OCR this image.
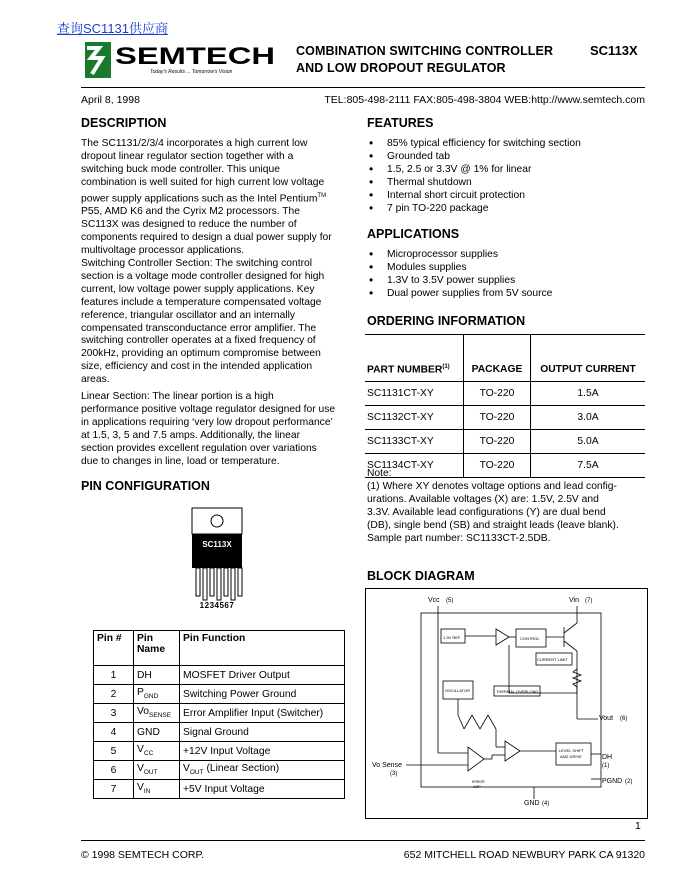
查询SC1131供应商
SEMTECH
Today's Results ... Tomorrow's Vision
COMBINATION SWITCHING CONTROLLER
AND LOW DROPOUT REGULATOR
SC113X
April 8, 1998	TEL:805-498-2111 FAX:805-498-3804 WEB:http://www.semtech.com
DESCRIPTION
The SC1131/2/3/4 incorporates a high current low
dropout linear regulator section together with a
switching buck mode controller. This unique
combination is well suited for high current low voltage
power supply applications such as the Intel Pentium™
P55, AMD K6 and the Cyrix M2 processors. The
SC113X was designed to reduce the number of
components required to design a dual power supply for
multivoltage processor applications.
Switching Controller Section: The switching control
section is a voltage mode controller designed for high
current, low voltage power supply applications. Key
features include a temperature compensated voltage
reference, triangular oscillator and an internally
compensated transconductance error amplifier. The
switching controller operates at a fixed frequency of
200kHz, providing an optimum compromise between
size, efficiency and cost in the intended application
areas.
Linear Section: The linear portion is a high
performance positive voltage regulator designed for use
in applications requiring ‘very low dropout performance’
at 1.5, 3, 5 and 7.5 amps. Additionally, the linear
section provides excellent regulation over variations
due to changes in line, load or temperature.
FEATURES
• 85% typical efficiency for switching section
• Grounded tab
• 1.5, 2.5 or 3.3V @ 1% for linear
• Thermal shutdown
• Internal short circuit protection
• 7 pin TO-220 package
APPLICATIONS
• Microprocessor supplies
• Modules supplies
• 1.3V to 3.5V power supplies
• Dual power supplies from 5V source
ORDERING INFORMATION
PART NUMBER$^{(1)}$	PACKAGE	OUTPUT CURRENT
SC1131CT-XY	TO-220	1.5A
SC1132CT-XY	TO-220	3.0A
SC1133CT-XY	TO-220	5.0A
SC1134CT-XY	TO-220	7.5A
Note:
(1) Where XY denotes voltage options and lead config-
urations. Available voltages (X) are: 1.5V, 2.5V and
3.3V. Available lead configurations (Y) are dual bend
(DB), single bend (SB) and straight leads (leave blank).
Sample part number: SC1133CT-2.5DB.
PIN CONFIGURATION
SC113X
1234567
Pin #	Pin
Name	Pin Function
1	DH	MOSFET Driver Output
2	$P_{GND}$	Switching Power Ground
3	$Vo_{SENSE}$	Error Amplifier Input (Switcher)
4	GND	Signal Ground
5	$V_{CC}$	+12V Input Voltage
6	$V_{OUT}$	$V_{OUT}$ (Linear Section)
7	$V_{IN}$	+5V Input Voltage
BLOCK DIAGRAM
Vcc (5)	Vin (7)
Vout (6)
Vo Sense
(3)
DH
(1)
PGND (2)
GND (4)
1.3V REF	CONTROL
CURRENT LIMIT
OSCILLATOR	THERMAL OVERLOAD
ERROR
AMP
LEVEL SHIFT
AND DRIVE
1
© 1998 SEMTECH CORP.	652 MITCHELL ROAD NEWBURY PARK CA 91320
